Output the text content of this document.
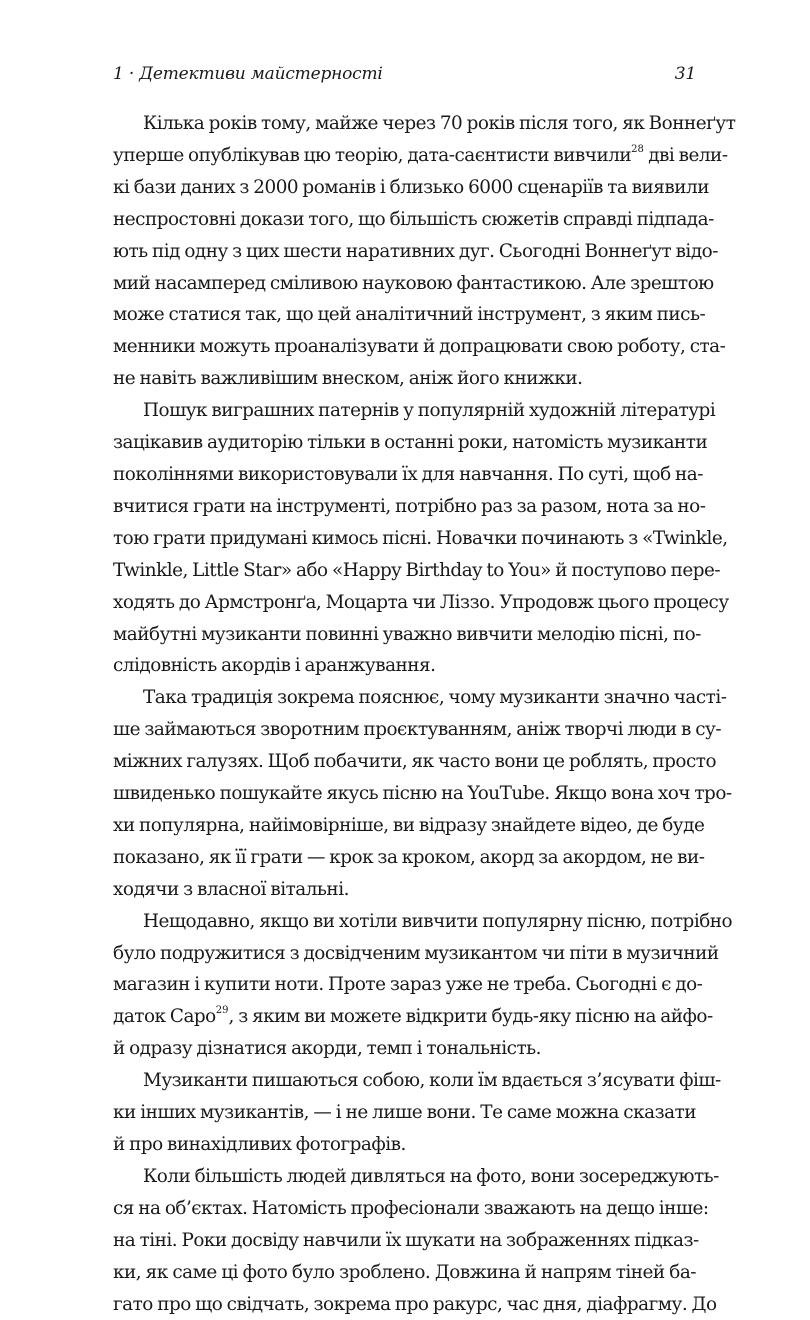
1 · Детективи майстерності	31

Кілька років тому, майже через 70 років після того, як Воннеґут
уперше опублікував цю теорію, дата-саєнтисти вивчили$^{28}$ дві вели-
кі бази даних з 2000 романів і близько 6000 сценаріїв та виявили
неспростовні докази того, що більшість сюжетів справді підпада-
ють під одну з цих шести наративних дуг. Сьогодні Воннеґут відо-
мий насамперед сміливою науковою фантастикою. Але зрештою
може статися так, що цей аналітичний інструмент, з яким пись-
менники можуть проаналізувати й допрацювати свою роботу, ста-
не навіть важливішим внеском, аніж його книжки.

Пошук виграшних патернів у популярній художній літературі
зацікавив аудиторію тільки в останні роки, натомість музиканти
поколіннями використовували їх для навчання. По суті, щоб на-
вчитися грати на інструменті, потрібно раз за разом, нота за но-
тою грати придумані кимось пісні. Новачки починають з «Twinkle,
Twinkle, Little Star» або «Happy Birthday to You» й поступово пере-
ходять до Армстронґа, Моцарта чи Ліззо. Упродовж цього процесу
майбутні музиканти повинні уважно вивчити мелодію пісні, по-
слідовність акордів і аранжування.

Така традиція зокрема пояснює, чому музиканти значно часті-
ше займаються зворотним проєктуванням, аніж творчі люди в су-
міжних галузях. Щоб побачити, як часто вони це роблять, просто
швиденько пошукайте якусь пісню на YouTube. Якщо вона хоч тро-
хи популярна, найімовірніше, ви відразу знайдете відео, де буде
показано, як її грати — крок за кроком, акорд за акордом, не ви-
ходячи з власної вітальні.

Нещодавно, якщо ви хотіли вивчити популярну пісню, потрібно
було подружитися з досвідченим музикантом чи піти в музичний
магазин і купити ноти. Проте зараз уже не треба. Сьогодні є до-
даток Capo$^{29}$, з яким ви можете відкрити будь-яку пісню на айфо-
й одразу дізнатися акорди, темп і тональність.

Музиканти пишаються собою, коли їм вдається з’ясувати фіш-
ки інших музикантів, — і не лише вони. Те саме можна сказати
й про винахідливих фотографів.

Коли більшість людей дивляться на фото, вони зосереджують-
ся на об’єктах. Натомість професіонали зважають на дещо інше:
на тіні. Роки досвіду навчили їх шукати на зображеннях підказ-
ки, як саме ці фото було зроблено. Довжина й напрям тіней ба-
гато про що свідчать, зокрема про ракурс, час дня, діафрагму. До
